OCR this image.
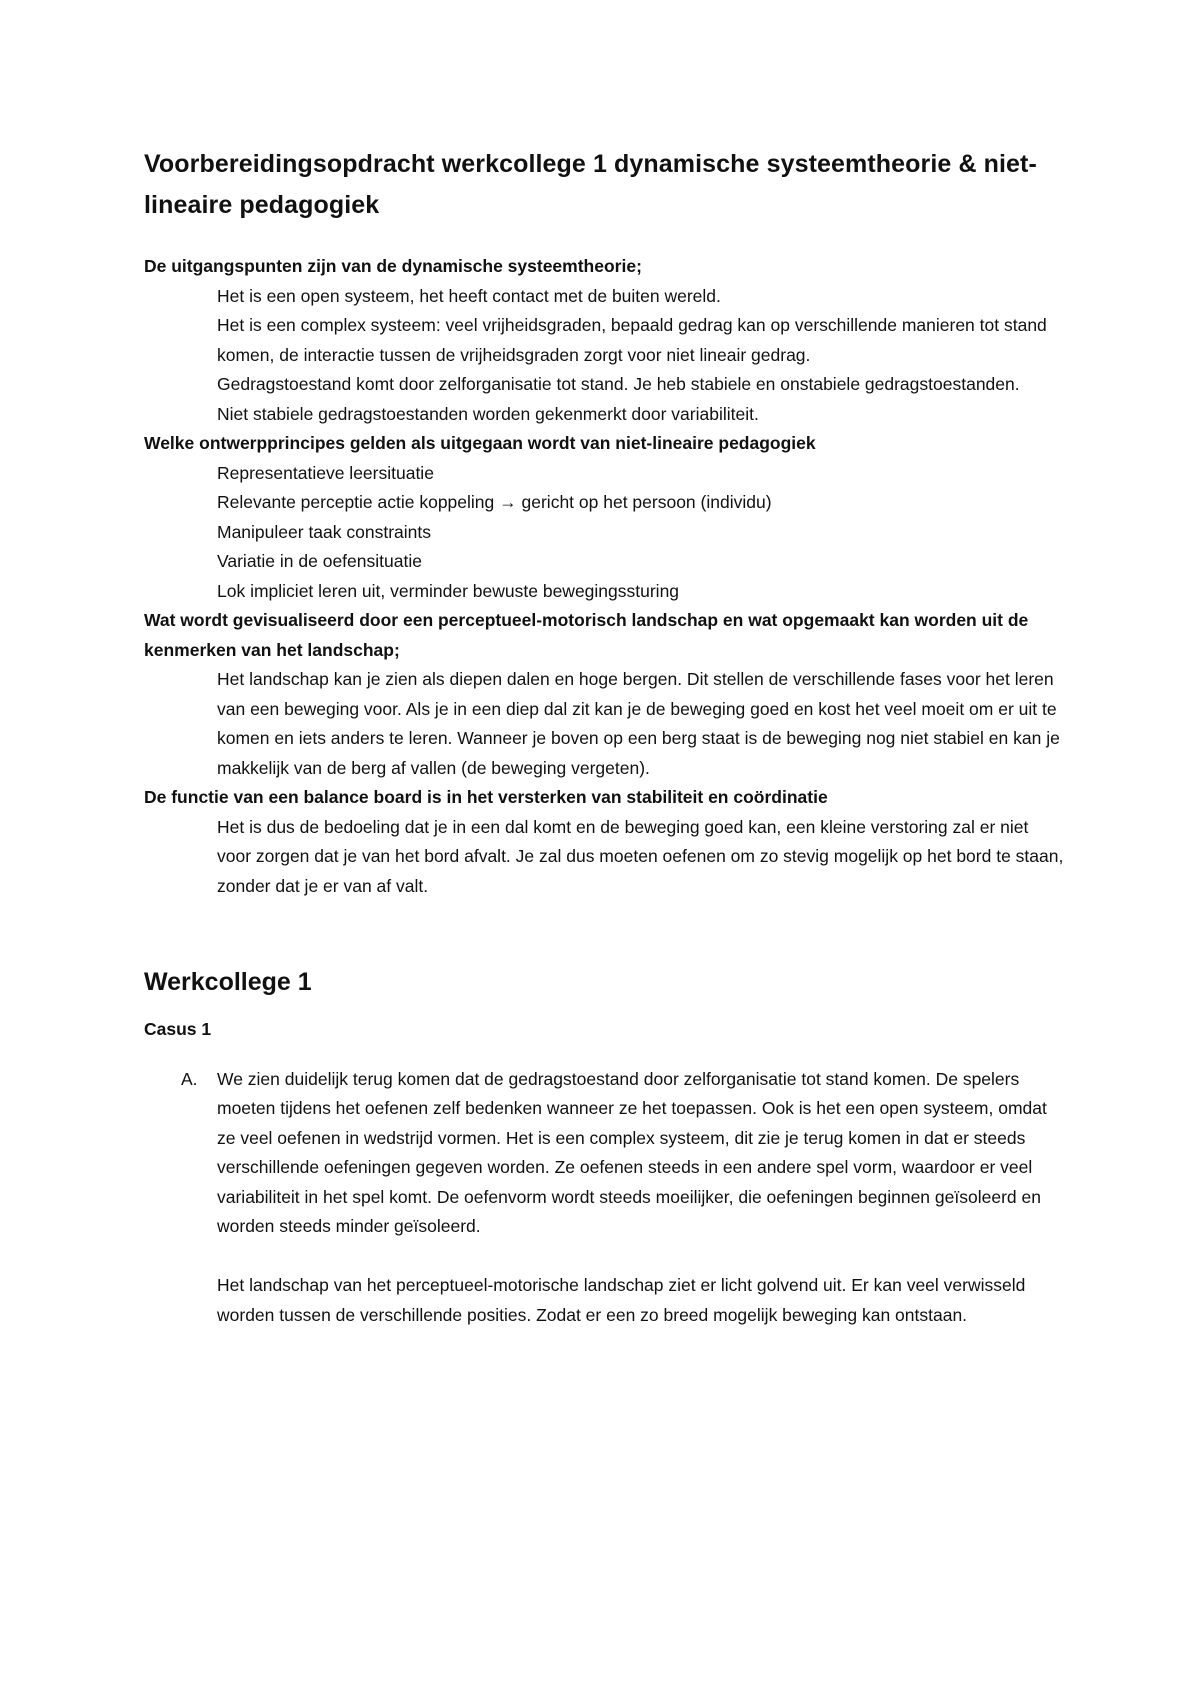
Voorbereidingsopdracht werkcollege 1 dynamische systeemtheorie & niet-lineaire pedagogiek

De uitgangspunten zijn van de dynamische systeemtheorie;

Het is een open systeem, het heeft contact met de buiten wereld.

Het is een complex systeem: veel vrijheidsgraden, bepaald gedrag kan op verschillende manieren tot stand komen, de interactie tussen de vrijheidsgraden zorgt voor niet lineair gedrag.

Gedragstoestand komt door zelforganisatie tot stand. Je heb stabiele en onstabiele gedragstoestanden.

Niet stabiele gedragstoestanden worden gekenmerkt door variabiliteit.

Welke ontwerpprincipes gelden als uitgegaan wordt van niet-lineaire pedagogiek

Representatieve leersituatie

Relevante perceptie actie koppeling → gericht op het persoon (individu)

Manipuleer taak constraints

Variatie in de oefensituatie

Lok impliciet leren uit, verminder bewuste bewegingssturing

Wat wordt gevisualiseerd door een perceptueel-motorisch landschap en wat opgemaakt kan worden uit de kenmerken van het landschap;

Het landschap kan je zien als diepen dalen en hoge bergen. Dit stellen de verschillende fases voor het leren van een beweging voor. Als je in een diep dal zit kan je de beweging goed en kost het veel moeit om er uit te komen en iets anders te leren. Wanneer je boven op een berg staat is de beweging nog niet stabiel en kan je makkelijk van de berg af vallen (de beweging vergeten).

De functie van een balance board is in het versterken van stabiliteit en coördinatie

Het is dus de bedoeling dat je in een dal komt en de beweging goed kan, een kleine verstoring zal er niet voor zorgen dat je van het bord afvalt. Je zal dus moeten oefenen om zo stevig mogelijk op het bord te staan, zonder dat je er van af valt.

Werkcollege 1

Casus 1

A. We zien duidelijk terug komen dat de gedragstoestand door zelforganisatie tot stand komen. De spelers moeten tijdens het oefenen zelf bedenken wanneer ze het toepassen. Ook is het een open systeem, omdat ze veel oefenen in wedstrijd vormen. Het is een complex systeem, dit zie je terug komen in dat er steeds verschillende oefeningen gegeven worden. Ze oefenen steeds in een andere spel vorm, waardoor er veel variabiliteit in het spel komt. De oefenvorm wordt steeds moeilijker, die oefeningen beginnen geïsoleerd en worden steeds minder geïsoleerd.

Het landschap van het perceptueel-motorische landschap ziet er licht golvend uit. Er kan veel verwisseld worden tussen de verschillende posities. Zodat er een zo breed mogelijk beweging kan ontstaan.
